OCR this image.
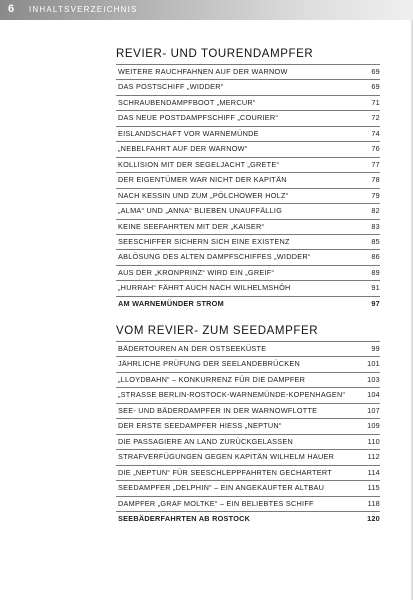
6 INHALTSVERZEICHNIS
REVIER- UND TOURENDAMPFER
WEITERE RAUCHFAHNEN AUF DER WARNOW	69
DAS POSTSCHIFF „WIDDER“	69
SCHRAUBENDAMPFBOOT „MERCUR“	71
DAS NEUE POSTDAMPFSCHIFF „COURIER“	72
EISLANDSCHAFT VOR WARNEMÜNDE	74
„NEBELFAHRT AUF DER WARNOW“	76
KOLLISION MIT DER SEGELJACHT „GRETE“	77
DER EIGENTÜMER WAR NICHT DER KAPITÄN	78
NACH KESSIN UND ZUM „PÖLCHOWER HOLZ“	79
„ALMA“ UND „ANNA“ BLIEBEN UNAUFFÄLLIG	82
KEINE SEEFAHRTEN MIT DER „KAISER“	83
SEESCHIFFER SICHERN SICH EINE EXISTENZ	85
ABLÖSUNG DES ALTEN DAMPFSCHIFFES „WIDDER“	86
AUS DER „KRONPRINZ“ WIRD EIN „GREIF“	89
„HURRAH“ FÄHRT AUCH NACH WILHELMSHÖH	91
AM WARNEMÜNDER STROM	97
VOM REVIER- ZUM SEEDAMPFER
BÄDERTOUREN AN DER OSTSEEKÜSTE	99
JÄHRLICHE PRÜFUNG DER SEELANDEBRÜCKEN	101
„LLOYDBAHN“ – KONKURRENZ FÜR DIE DAMPFER	103
„STRASSE BERLIN-ROSTOCK-WARNEMÜNDE-KOPENHAGEN“	104
SEE- UND BÄDERDAMPFER IN DER WARNOWFLOTTE	107
DER ERSTE SEEDAMPFER HIESS „NEPTUN“	109
DIE PASSAGIERE AN LAND ZURÜCKGELASSEN	110
STRAFVERFÜGUNGEN GEGEN KAPITÄN WILHELM HAUER	112
DIE „NEPTUN“ FÜR SEESCHLEPPFAHRTEN GECHARTERT	114
SEEDAMPFER „DELPHIN“ – EIN ANGEKAUFTER ALTBAU	115
DAMPFER „GRAF MOLTKE“ – EIN BELIEBTES SCHIFF	118
SEEBÄDERFAHRTEN AB ROSTOCK	120
